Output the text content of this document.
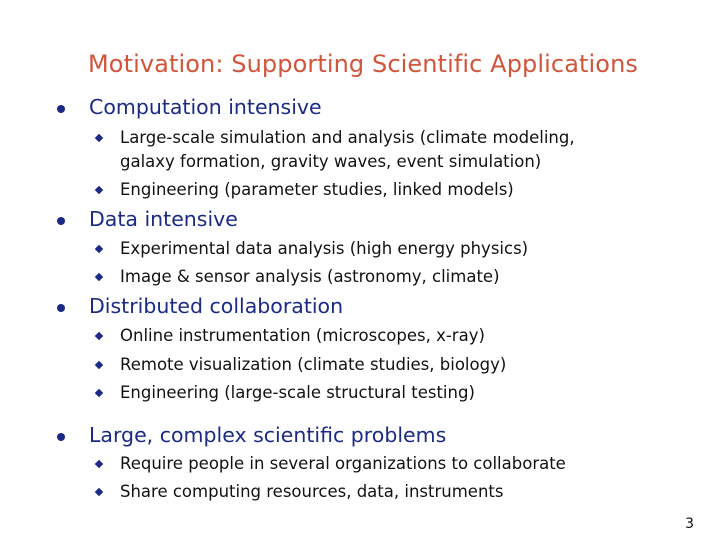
Motivation: Supporting Scientific Applications
Computation intensive
Large-scale simulation and analysis (climate modeling,
galaxy formation, gravity waves, event simulation)
Engineering (parameter studies, linked models)
Data intensive
Experimental data analysis (high energy physics)
Image & sensor analysis (astronomy, climate)
Distributed collaboration
Online instrumentation (microscopes, x-ray)
Remote visualization (climate studies, biology)
Engineering (large-scale structural testing)
Large, complex scientific problems
Require people in several organizations to collaborate
Share computing resources, data, instruments
3
